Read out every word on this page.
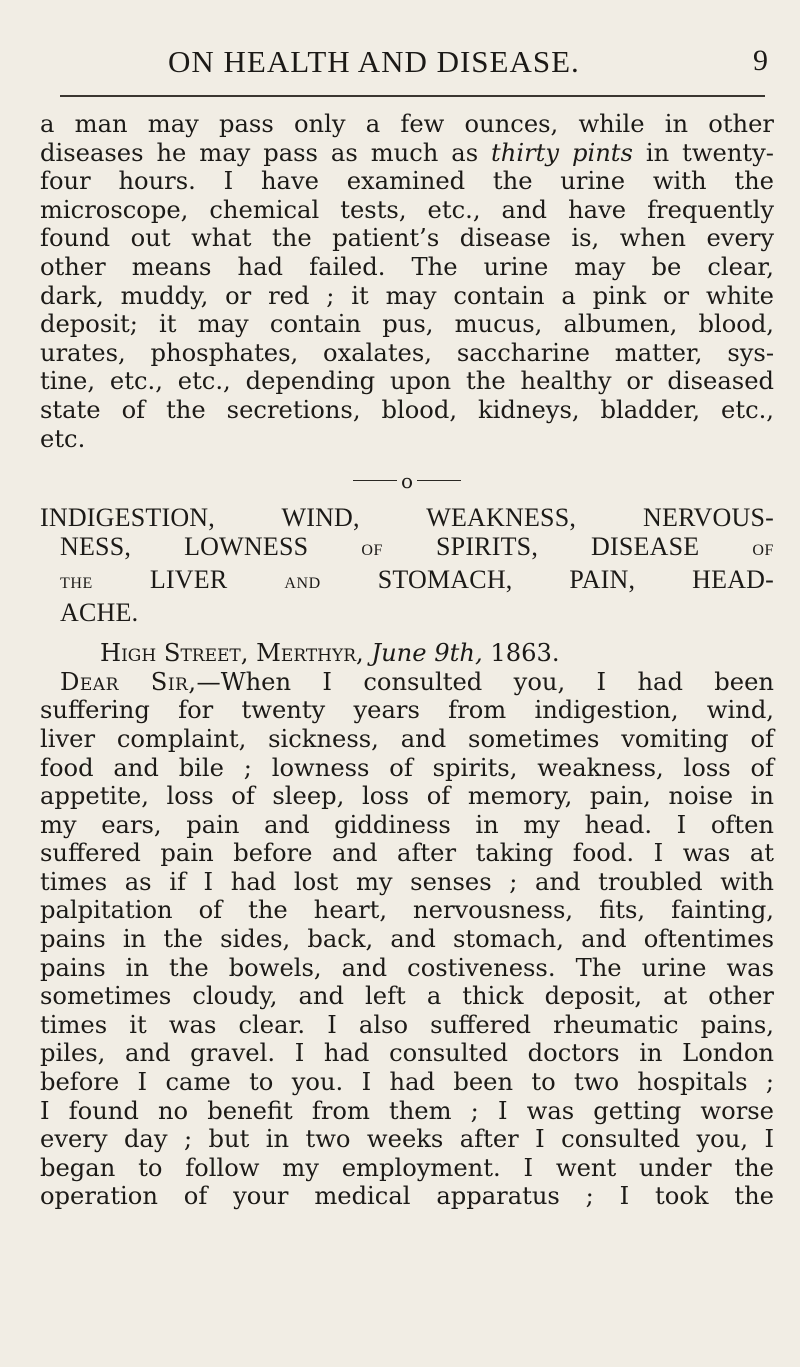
ON HEALTH AND DISEASE.	9
a man may pass only a few ounces, while in other
diseases he may pass as much as thirty pints in twenty-
four hours. I have examined the urine with the
microscope, chemical tests, etc., and have frequently
found out what the patient’s disease is, when every
other means had failed. The urine may be clear,
dark, muddy, or red ; it may contain a pink or white
deposit; it may contain pus, mucus, albumen, blood,
urates, phosphates, oxalates, saccharine matter, sys-
tine, etc., etc., depending upon the healthy or diseased
state of the secretions, blood, kidneys, bladder, etc.,
etc.
o
INDIGESTION, WIND, WEAKNESS, NERVOUS-
NESS, LOWNESS	OF SPIRITS, DISEASE	OF
THE LIVER	AND STOMACH, PAIN, HEAD-
ACHE.
High Street, Merthyr, June 9th, 1863.
Dear Sir,—When I consulted you, I had been
suffering for twenty years from indigestion, wind,
liver complaint, sickness, and sometimes vomiting of
food and bile ; lowness of spirits, weakness, loss of
appetite, loss of sleep, loss of memory, pain, noise in
my ears, pain and giddiness in my head. I often
suffered pain before and after taking food. I was at
times as if I had lost my senses ; and troubled with
palpitation of the heart, nervousness, fits, fainting,
pains in the sides, back, and stomach, and oftentimes
pains in the bowels, and costiveness. The urine was
sometimes cloudy, and left a thick deposit, at other
times it was clear. I also suffered rheumatic pains,
piles, and gravel. I had consulted doctors in London
before I came to you. I had been to two hospitals ;
I found no benefit from them ; I was getting worse
every day ; but in two weeks after I consulted you, I
began to follow my employment. I went under the
operation of your medical apparatus ; I took the
